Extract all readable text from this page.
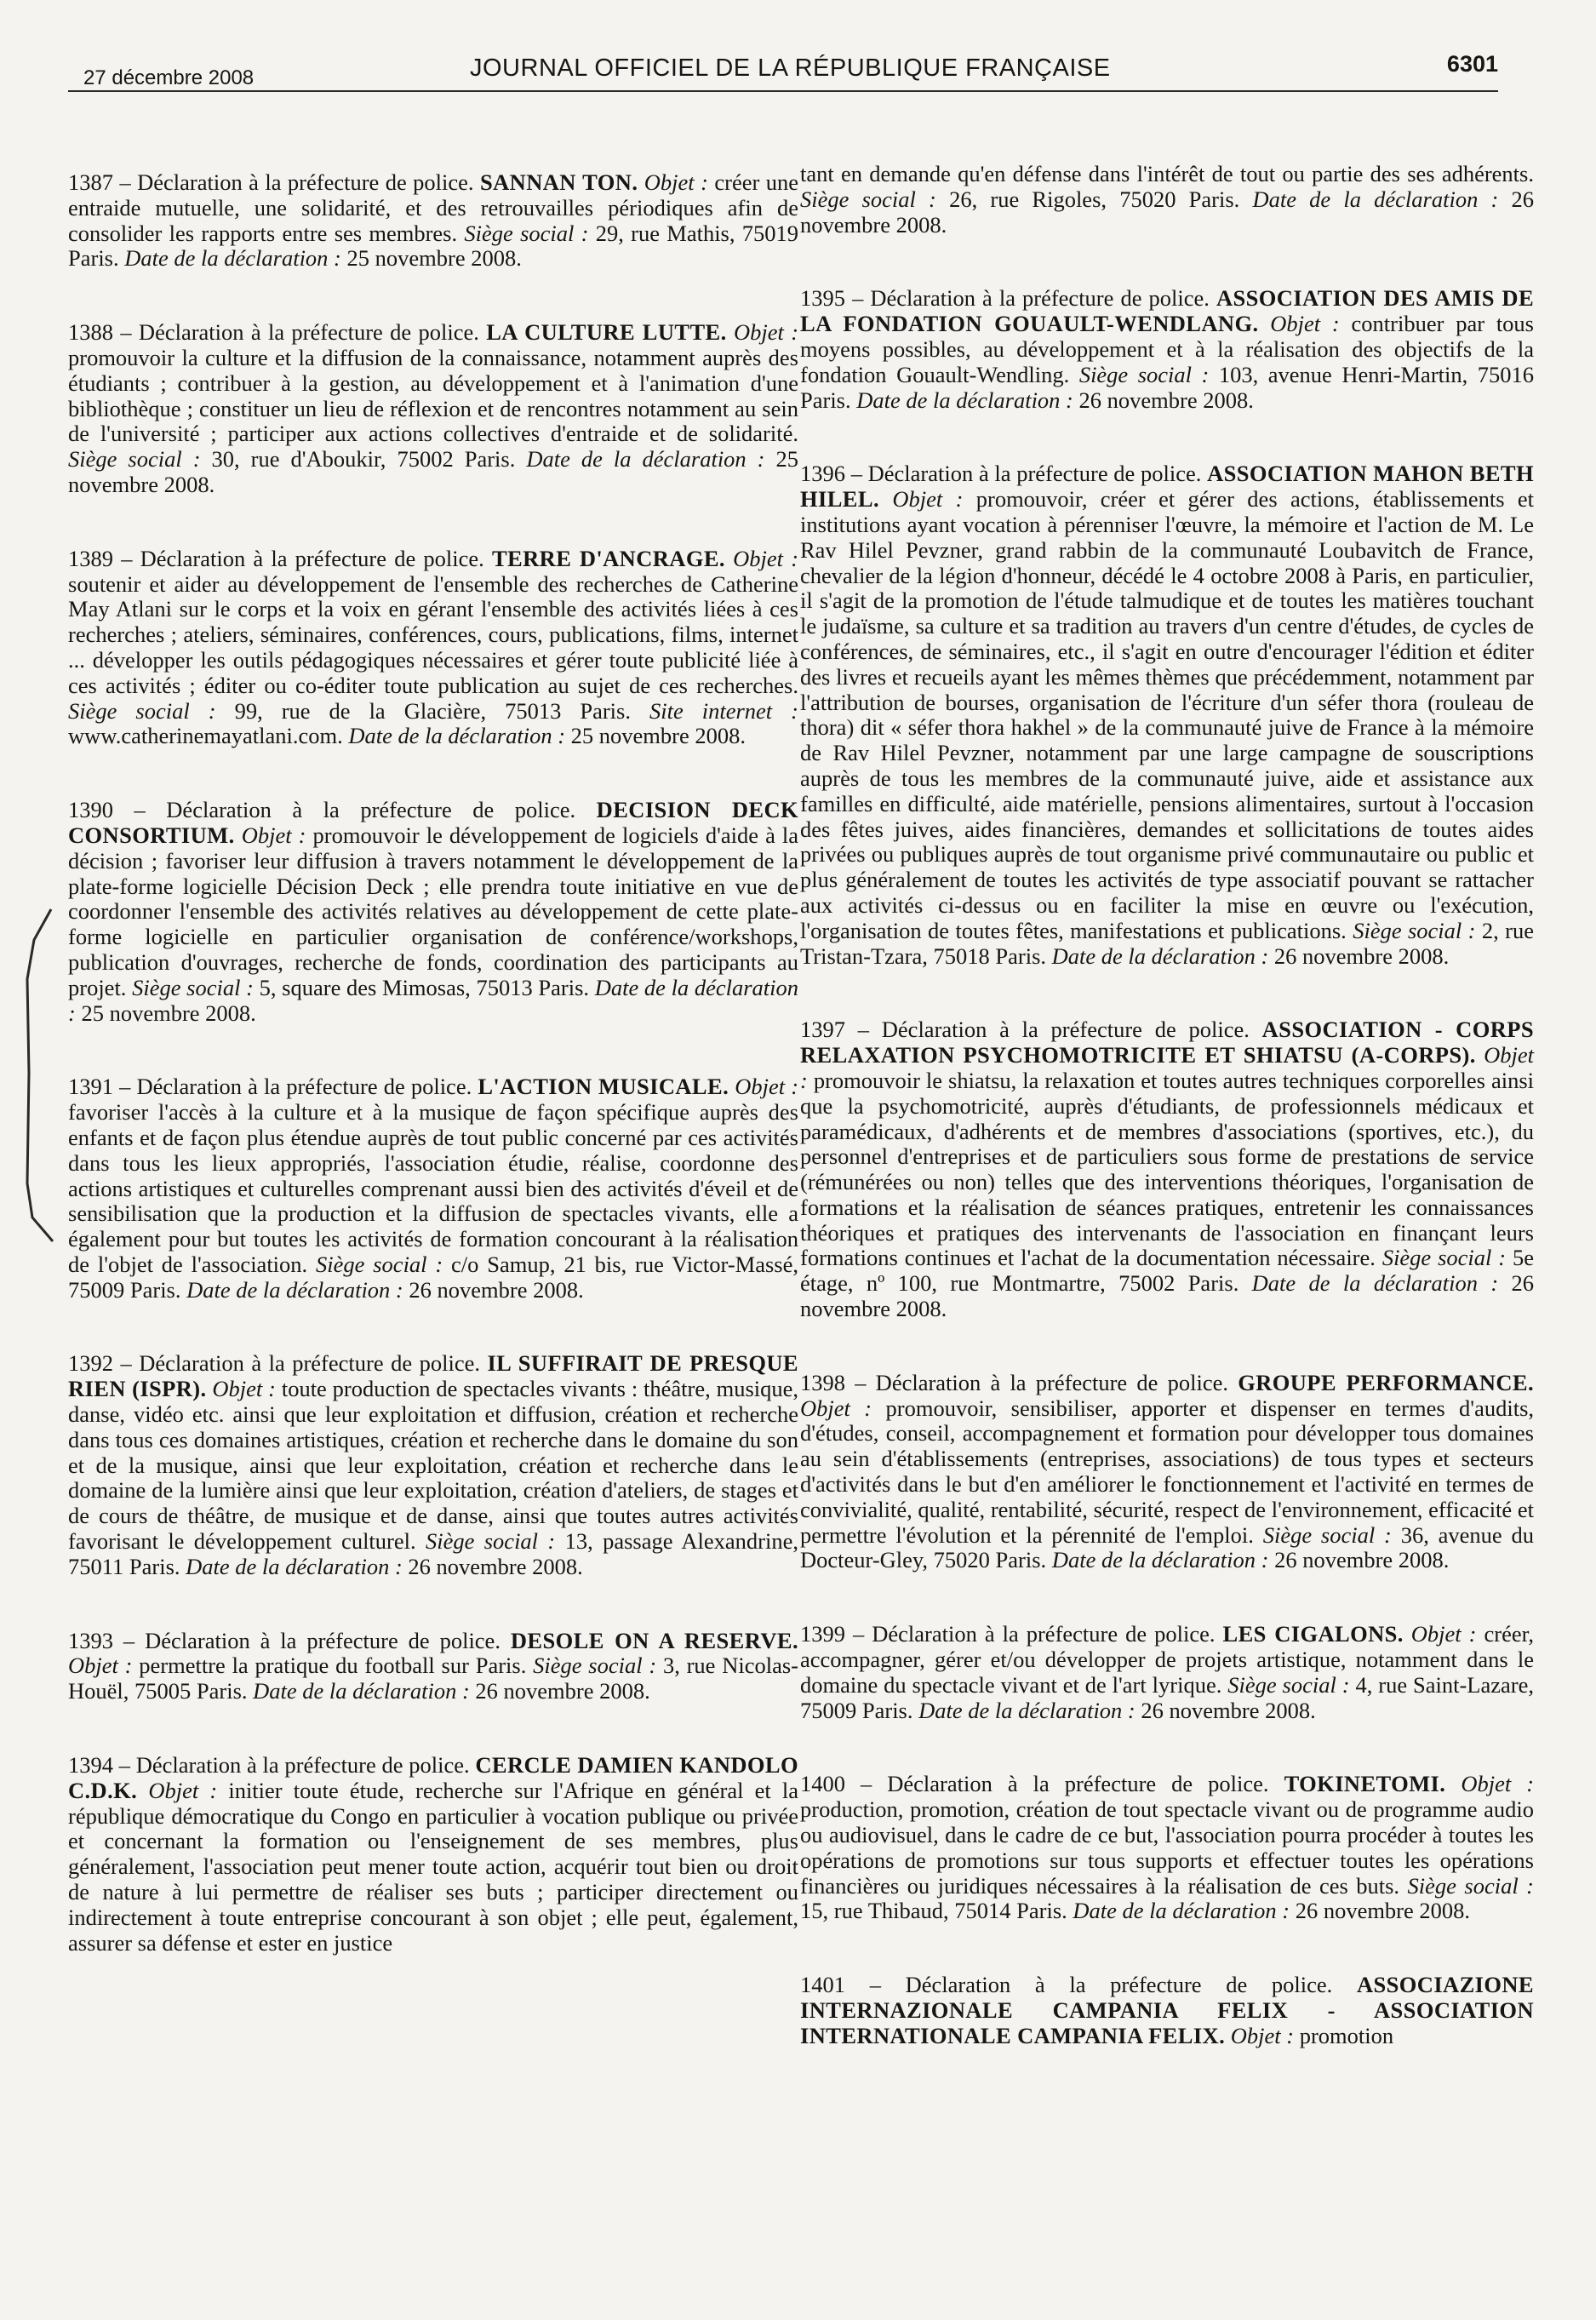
27 décembre 2008	JOURNAL OFFICIEL DE LA RÉPUBLIQUE FRANÇAISE	6301

1387 – Déclaration à la préfecture de police. SANNAN TON. Objet : créer une entraide mutuelle, une solidarité, et des retrouvailles périodiques afin de consolider les rapports entre ses membres. Siège social : 29, rue Mathis, 75019 Paris. Date de la déclaration : 25 novembre 2008.

1388 – Déclaration à la préfecture de police. LA CULTURE LUTTE. Objet : promouvoir la culture et la diffusion de la connaissance, notamment auprès des étudiants ; contribuer à la gestion, au développement et à l'animation d'une bibliothèque ; constituer un lieu de réflexion et de rencontres notamment au sein de l'université ; participer aux actions collectives d'entraide et de solidarité. Siège social : 30, rue d'Aboukir, 75002 Paris. Date de la déclaration : 25 novembre 2008.

1389 – Déclaration à la préfecture de police. TERRE D'ANCRAGE. Objet : soutenir et aider au développement de l'ensemble des recherches de Catherine May Atlani sur le corps et la voix en gérant l'ensemble des activités liées à ces recherches ; ateliers, séminaires, conférences, cours, publications, films, internet ... développer les outils pédagogiques nécessaires et gérer toute publicité liée à ces activités ; éditer ou co-éditer toute publication au sujet de ces recherches. Siège social : 99, rue de la Glacière, 75013 Paris. Site internet : www.catherinemayatlani.com. Date de la déclaration : 25 novembre 2008.

1390 – Déclaration à la préfecture de police. DECISION DECK CONSORTIUM. Objet : promouvoir le développement de logiciels d'aide à la décision ; favoriser leur diffusion à travers notamment le développement de la plate-forme logicielle Décision Deck ; elle prendra toute initiative en vue de coordonner l'ensemble des activités relatives au développement de cette plate-forme logicielle en particulier organisation de conférence/workshops, publication d'ouvrages, recherche de fonds, coordination des participants au projet. Siège social : 5, square des Mimosas, 75013 Paris. Date de la déclaration : 25 novembre 2008.

1391 – Déclaration à la préfecture de police. L'ACTION MUSICALE. Objet : favoriser l'accès à la culture et à la musique de façon spécifique auprès des enfants et de façon plus étendue auprès de tout public concerné par ces activités dans tous les lieux appropriés, l'association étudie, réalise, coordonne des actions artistiques et culturelles comprenant aussi bien des activités d'éveil et de sensibilisation que la production et la diffusion de spectacles vivants, elle a également pour but toutes les activités de formation concourant à la réalisation de l'objet de l'association. Siège social : c/o Samup, 21 bis, rue Victor-Massé, 75009 Paris. Date de la déclaration : 26 novembre 2008.

1392 – Déclaration à la préfecture de police. IL SUFFIRAIT DE PRESQUE RIEN (ISPR). Objet : toute production de spectacles vivants : théâtre, musique, danse, vidéo etc. ainsi que leur exploitation et diffusion, création et recherche dans tous ces domaines artistiques, création et recherche dans le domaine du son et de la musique, ainsi que leur exploitation, création et recherche dans le domaine de la lumière ainsi que leur exploitation, création d'ateliers, de stages et de cours de théâtre, de musique et de danse, ainsi que toutes autres activités favorisant le développement culturel. Siège social : 13, passage Alexandrine, 75011 Paris. Date de la déclaration : 26 novembre 2008.

1393 – Déclaration à la préfecture de police. DESOLE ON A RESERVE. Objet : permettre la pratique du football sur Paris. Siège social : 3, rue Nicolas-Houël, 75005 Paris. Date de la déclaration : 26 novembre 2008.

1394 – Déclaration à la préfecture de police. CERCLE DAMIEN KANDOLO C.D.K. Objet : initier toute étude, recherche sur l'Afrique en général et la république démocratique du Congo en particulier à vocation publique ou privée et concernant la formation ou l'enseignement de ses membres, plus généralement, l'association peut mener toute action, acquérir tout bien ou droit de nature à lui permettre de réaliser ses buts ; participer directement ou indirectement à toute entreprise concourant à son objet ; elle peut, également, assurer sa défense et ester en justice

tant en demande qu'en défense dans l'intérêt de tout ou partie des ses adhérents. Siège social : 26, rue Rigoles, 75020 Paris. Date de la déclaration : 26 novembre 2008.

1395 – Déclaration à la préfecture de police. ASSOCIATION DES AMIS DE LA FONDATION GOUAULT-WENDLANG. Objet : contribuer par tous moyens possibles, au développement et à la réalisation des objectifs de la fondation Gouault-Wendling. Siège social : 103, avenue Henri-Martin, 75016 Paris. Date de la déclaration : 26 novembre 2008.

1396 – Déclaration à la préfecture de police. ASSOCIATION MAHON BETH HILEL. Objet : promouvoir, créer et gérer des actions, établissements et institutions ayant vocation à pérenniser l'œuvre, la mémoire et l'action de M. Le Rav Hilel Pevzner, grand rabbin de la communauté Loubavitch de France, chevalier de la légion d'honneur, décédé le 4 octobre 2008 à Paris, en particulier, il s'agit de la promotion de l'étude talmudique et de toutes les matières touchant le judaïsme, sa culture et sa tradition au travers d'un centre d'études, de cycles de conférences, de séminaires, etc., il s'agit en outre d'encourager l'édition et éditer des livres et recueils ayant les mêmes thèmes que précédemment, notamment par l'attribution de bourses, organisation de l'écriture d'un séfer thora (rouleau de thora) dit « séfer thora hakhel » de la communauté juive de France à la mémoire de Rav Hilel Pevzner, notamment par une large campagne de souscriptions auprès de tous les membres de la communauté juive, aide et assistance aux familles en difficulté, aide matérielle, pensions alimentaires, surtout à l'occasion des fêtes juives, aides financières, demandes et sollicitations de toutes aides privées ou publiques auprès de tout organisme privé communautaire ou public et plus généralement de toutes les activités de type associatif pouvant se rattacher aux activités ci-dessus ou en faciliter la mise en œuvre ou l'exécution, l'organisation de toutes fêtes, manifestations et publications. Siège social : 2, rue Tristan-Tzara, 75018 Paris. Date de la déclaration : 26 novembre 2008.

1397 – Déclaration à la préfecture de police. ASSOCIATION - CORPS RELAXATION PSYCHOMOTRICITE ET SHIATSU (A-CORPS). Objet : promouvoir le shiatsu, la relaxation et toutes autres techniques corporelles ainsi que la psychomotricité, auprès d'étudiants, de professionnels médicaux et paramédicaux, d'adhérents et de membres d'associations (sportives, etc.), du personnel d'entreprises et de particuliers sous forme de prestations de service (rémunérées ou non) telles que des interventions théoriques, l'organisation de formations et la réalisation de séances pratiques, entretenir les connaissances théoriques et pratiques des intervenants de l'association en finançant leurs formations continues et l'achat de la documentation nécessaire. Siège social : 5e étage, nº 100, rue Montmartre, 75002 Paris. Date de la déclaration : 26 novembre 2008.

1398 – Déclaration à la préfecture de police. GROUPE PERFORMANCE. Objet : promouvoir, sensibiliser, apporter et dispenser en termes d'audits, d'études, conseil, accompagnement et formation pour développer tous domaines au sein d'établissements (entreprises, associations) de tous types et secteurs d'activités dans le but d'en améliorer le fonctionnement et l'activité en termes de convivialité, qualité, rentabilité, sécurité, respect de l'environnement, efficacité et permettre l'évolution et la pérennité de l'emploi. Siège social : 36, avenue du Docteur-Gley, 75020 Paris. Date de la déclaration : 26 novembre 2008.

1399 – Déclaration à la préfecture de police. LES CIGALONS. Objet : créer, accompagner, gérer et/ou développer de projets artistique, notamment dans le domaine du spectacle vivant et de l'art lyrique. Siège social : 4, rue Saint-Lazare, 75009 Paris. Date de la déclaration : 26 novembre 2008.

1400 – Déclaration à la préfecture de police. TOKINETOMI. Objet : production, promotion, création de tout spectacle vivant ou de programme audio ou audiovisuel, dans le cadre de ce but, l'association pourra procéder à toutes les opérations de promotions sur tous supports et effectuer toutes les opérations financières ou juridiques nécessaires à la réalisation de ces buts. Siège social : 15, rue Thibaud, 75014 Paris. Date de la déclaration : 26 novembre 2008.

1401 – Déclaration à la préfecture de police. ASSOCIAZIONE INTERNAZIONALE CAMPANIA FELIX - ASSOCIATION INTERNATIONALE CAMPANIA FELIX. Objet : promotion
